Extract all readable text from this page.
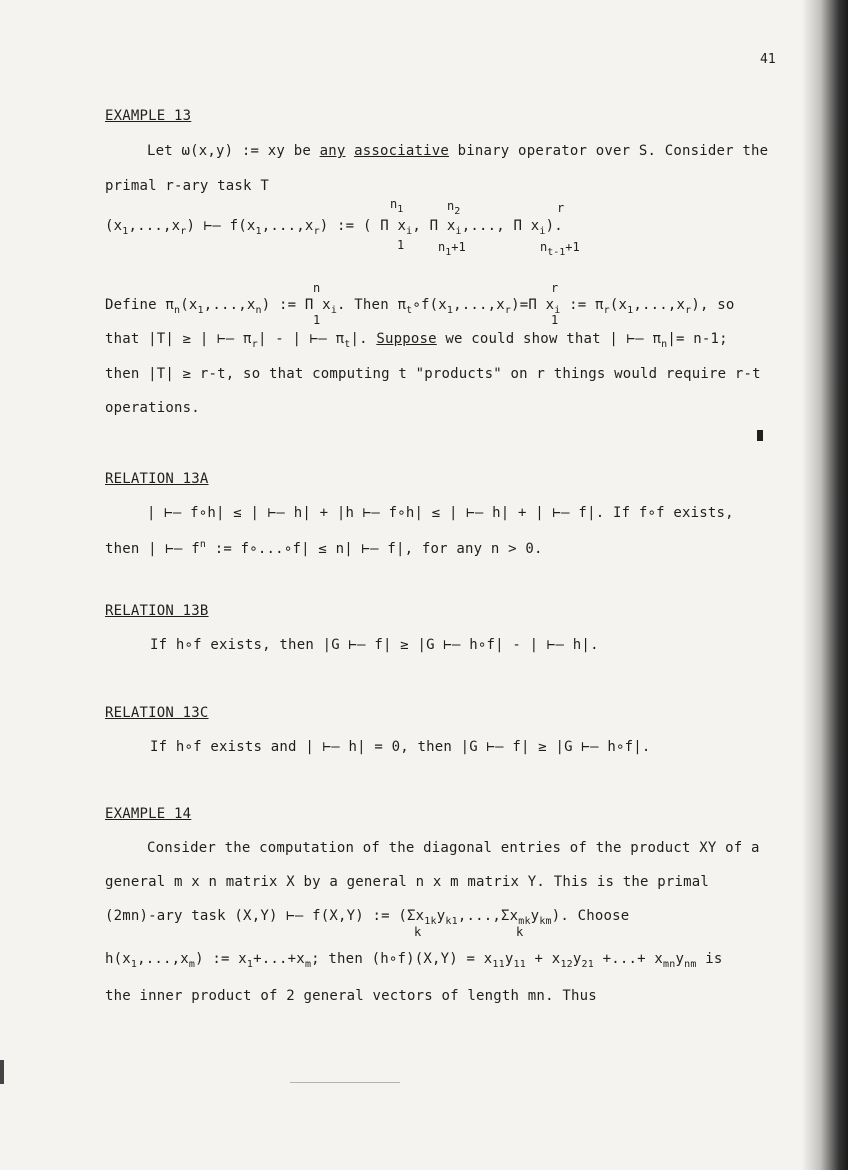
41
EXAMPLE 13
Let ω(x,y) := xy be any associative binary operator over S. Consider the
primal r-ary task T
$n_1$	$n_2$	r
$(x_1,...,x_r)$ ⊢— $f(x_1,...,x_r)$ := ( Π $x_i$, Π $x_i$,..., Π $x_i$).
1	$n_1+1$	$n_{t-1}+1$
n	r
Define $\pi_n(x_1,...,x_n)$ := Π $x_i$. Then $\pi_t\circ f(x_1,...,x_r)=\Pi$ $x_i$ := $\pi_r(x_1,...,x_r)$, so
1	1
that |T| ≥ | ⊢— $\pi_r|$ - | ⊢— $\pi_t|$. Suppose we could show that | ⊢— $\pi_n|= n-1$;
then |T| ≥ r-t, so that computing t "products" on r things would require r-t
operations.
RELATION 13A
| ⊢— f∘h| ≤ | ⊢— h| + |h ⊢— f∘h| ≤ | ⊢— h| + | ⊢— f|. If f∘f exists,
then | ⊢— $f^n$ := f∘...∘f| ≤ n| ⊢— f|, for any n > 0.
RELATION 13B
If h∘f exists, then |G ⊢— f| ≥ |G ⊢— h∘f| - | ⊢— h|.
RELATION 13C
If h∘f exists and | ⊢— h| = 0, then |G ⊢— f| ≥ |G ⊢— h∘f|.
EXAMPLE 14
Consider the computation of the diagonal entries of the product XY of a
general m x n matrix X by a general n x m matrix Y. This is the primal
(2mn)-ary task (X,Y) ⊢— f(X,Y) := $(\Sigma x_{1k}y_{k1},...,\Sigma x_{mk}y_{km})$. Choose
k	k
$h(x_1,...,x_m)$ := $x_1+...+x_m$; then (h∘f)(X,Y) = $x_{11}y_{11} + x_{12}y_{21}$ +...+ $x_{mn}y_{nm}$ is
the inner product of 2 general vectors of length mn. Thus
